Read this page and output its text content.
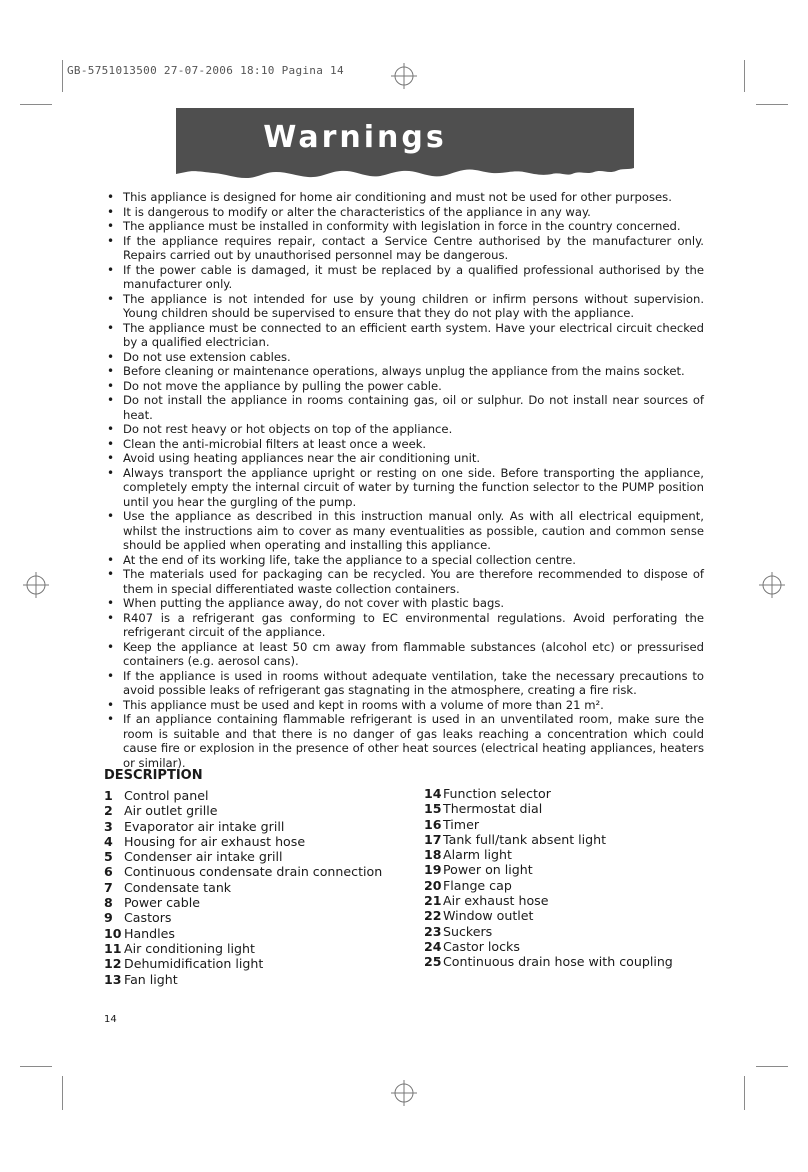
GB-5751013500 27-07-2006 18:10 Pagina 14
Warnings
• This appliance is designed for home air conditioning and must not be used for other purposes.
• It is dangerous to modify or alter the characteristics of the appliance in any way.
• The appliance must be installed in conformity with legislation in force in the country concerned.
• If the appliance requires repair, contact a Service Centre authorised by the manufacturer only. Repairs carried out by unauthorised personnel may be dangerous.
• If the power cable is damaged, it must be replaced by a qualified professional authorised by the manufacturer only.
• The appliance is not intended for use by young children or infirm persons without supervision. Young children should be supervised to ensure that they do not play with the appliance.
• The appliance must be connected to an efficient earth system. Have your electrical circuit checked by a qualified electrician.
• Do not use extension cables.
• Before cleaning or maintenance operations, always unplug the appliance from the mains socket.
• Do not move the appliance by pulling the power cable.
• Do not install the appliance in rooms containing gas, oil or sulphur. Do not install near sources of heat.
• Do not rest heavy or hot objects on top of the appliance.
• Clean the anti-microbial filters at least once a week.
• Avoid using heating appliances near the air conditioning unit.
• Always transport the appliance upright or resting on one side. Before transporting the appliance, completely empty the internal circuit of water by turning the function selector to the PUMP position until you hear the gurgling of the pump.
• Use the appliance as described in this instruction manual only. As with all electrical equipment, whilst the instructions aim to cover as many eventualities as possible, caution and common sense should be applied when operating and installing this appliance.
• At the end of its working life, take the appliance to a special collection centre.
• The materials used for packaging can be recycled. You are therefore recommended to dispose of them in special differentiated waste collection containers.
• When putting the appliance away, do not cover with plastic bags.
• R407 is a refrigerant gas conforming to EC environmental regulations. Avoid perforating the refrigerant circuit of the appliance.
• Keep the appliance at least 50 cm away from flammable substances (alcohol etc) or pressurised containers (e.g. aerosol cans).
• If the appliance is used in rooms without adequate ventilation, take the necessary precautions to avoid possible leaks of refrigerant gas stagnating in the atmosphere, creating a fire risk.
• This appliance must be used and kept in rooms with a volume of more than 21 m².
• If an appliance containing flammable refrigerant is used in an unventilated room, make sure the room is suitable and that there is no danger of gas leaks reaching a concentration which could cause fire or explosion in the presence of other heat sources (electrical heating appliances, heaters or similar).
DESCRIPTION
1 Control panel
2 Air outlet grille
3 Evaporator air intake grill
4 Housing for air exhaust hose
5 Condenser air intake grill
6 Continuous condensate drain connection
7 Condensate tank
8 Power cable
9 Castors
10 Handles
11 Air conditioning light
12 Dehumidification light
13 Fan light
14 Function selector
15 Thermostat dial
16 Timer
17 Tank full/tank absent light
18 Alarm light
19 Power on light
20 Flange cap
21 Air exhaust hose
22 Window outlet
23 Suckers
24 Castor locks
25 Continuous drain hose with coupling
14
